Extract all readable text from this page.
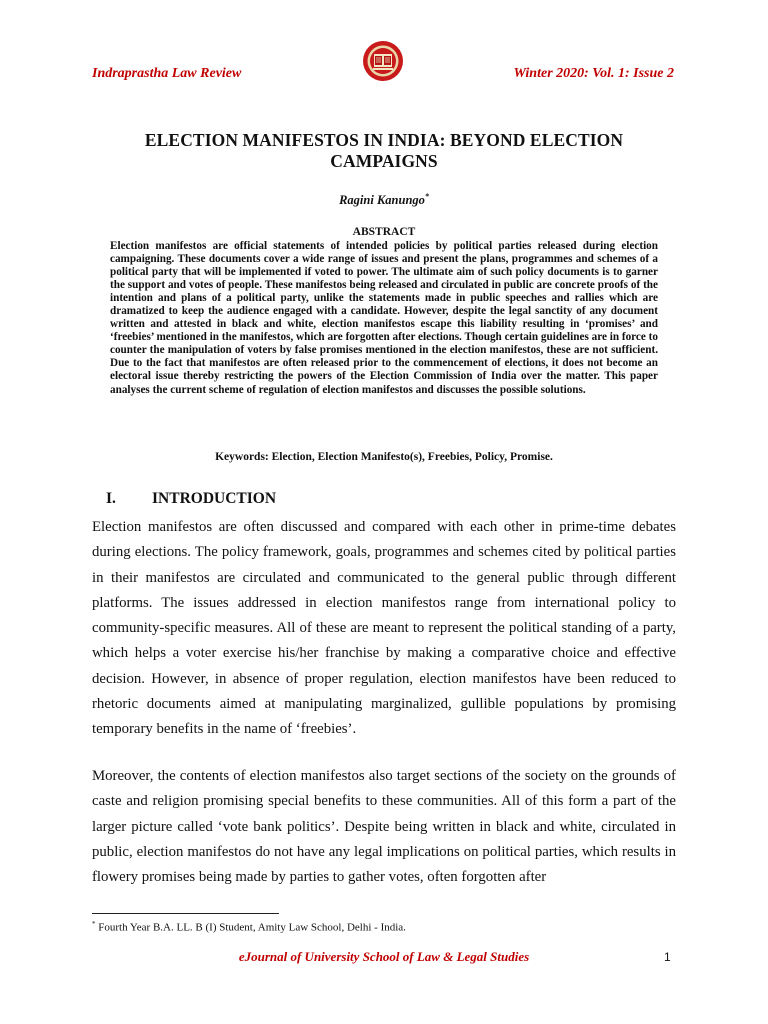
Indraprastha Law Review	Winter 2020: Vol. 1: Issue 2
ELECTION MANIFESTOS IN INDIA: BEYOND ELECTION
CAMPAIGNS
Ragini Kanungo*
ABSTRACT
Election manifestos are official statements of intended policies by political parties released during election campaigning. These documents cover a wide range of issues and present the plans, programmes and schemes of a political party that will be implemented if voted to power. The ultimate aim of such policy documents is to garner the support and votes of people. These manifestos being released and circulated in public are concrete proofs of the intention and plans of a political party, unlike the statements made in public speeches and rallies which are dramatized to keep the audience engaged with a candidate. However, despite the legal sanctity of any document written and attested in black and white, election manifestos escape this liability resulting in ‘promises’ and ‘freebies’ mentioned in the manifestos, which are forgotten after elections. Though certain guidelines are in force to counter the manipulation of voters by false promises mentioned in the election manifestos, these are not sufficient. Due to the fact that manifestos are often released prior to the commencement of elections, it does not become an electoral issue thereby restricting the powers of the Election Commission of India over the matter. This paper analyses the current scheme of regulation of election manifestos and discusses the possible solutions.
Keywords: Election, Election Manifesto(s), Freebies, Policy, Promise.
I. INTRODUCTION

Election manifestos are often discussed and compared with each other in prime-time debates during elections. The policy framework, goals, programmes and schemes cited by political parties in their manifestos are circulated and communicated to the general public through different platforms. The issues addressed in election manifestos range from international policy to community-specific measures. All of these are meant to represent the political standing of a party, which helps a voter exercise his/her franchise by making a comparative choice and effective decision. However, in absence of proper regulation, election manifestos have been reduced to rhetoric documents aimed at manipulating marginalized, gullible populations by promising temporary benefits in the name of ‘freebies’.

Moreover, the contents of election manifestos also target sections of the society on the grounds of caste and religion promising special benefits to these communities. All of this form a part of the larger picture called ‘vote bank politics’. Despite being written in black and white, circulated in public, election manifestos do not have any legal implications on political parties, which results in flowery promises being made by parties to gather votes, often forgotten after

* Fourth Year B.A. LL. B (I) Student, Amity Law School, Delhi - India.
eJournal of University School of Law & Legal Studies	1
